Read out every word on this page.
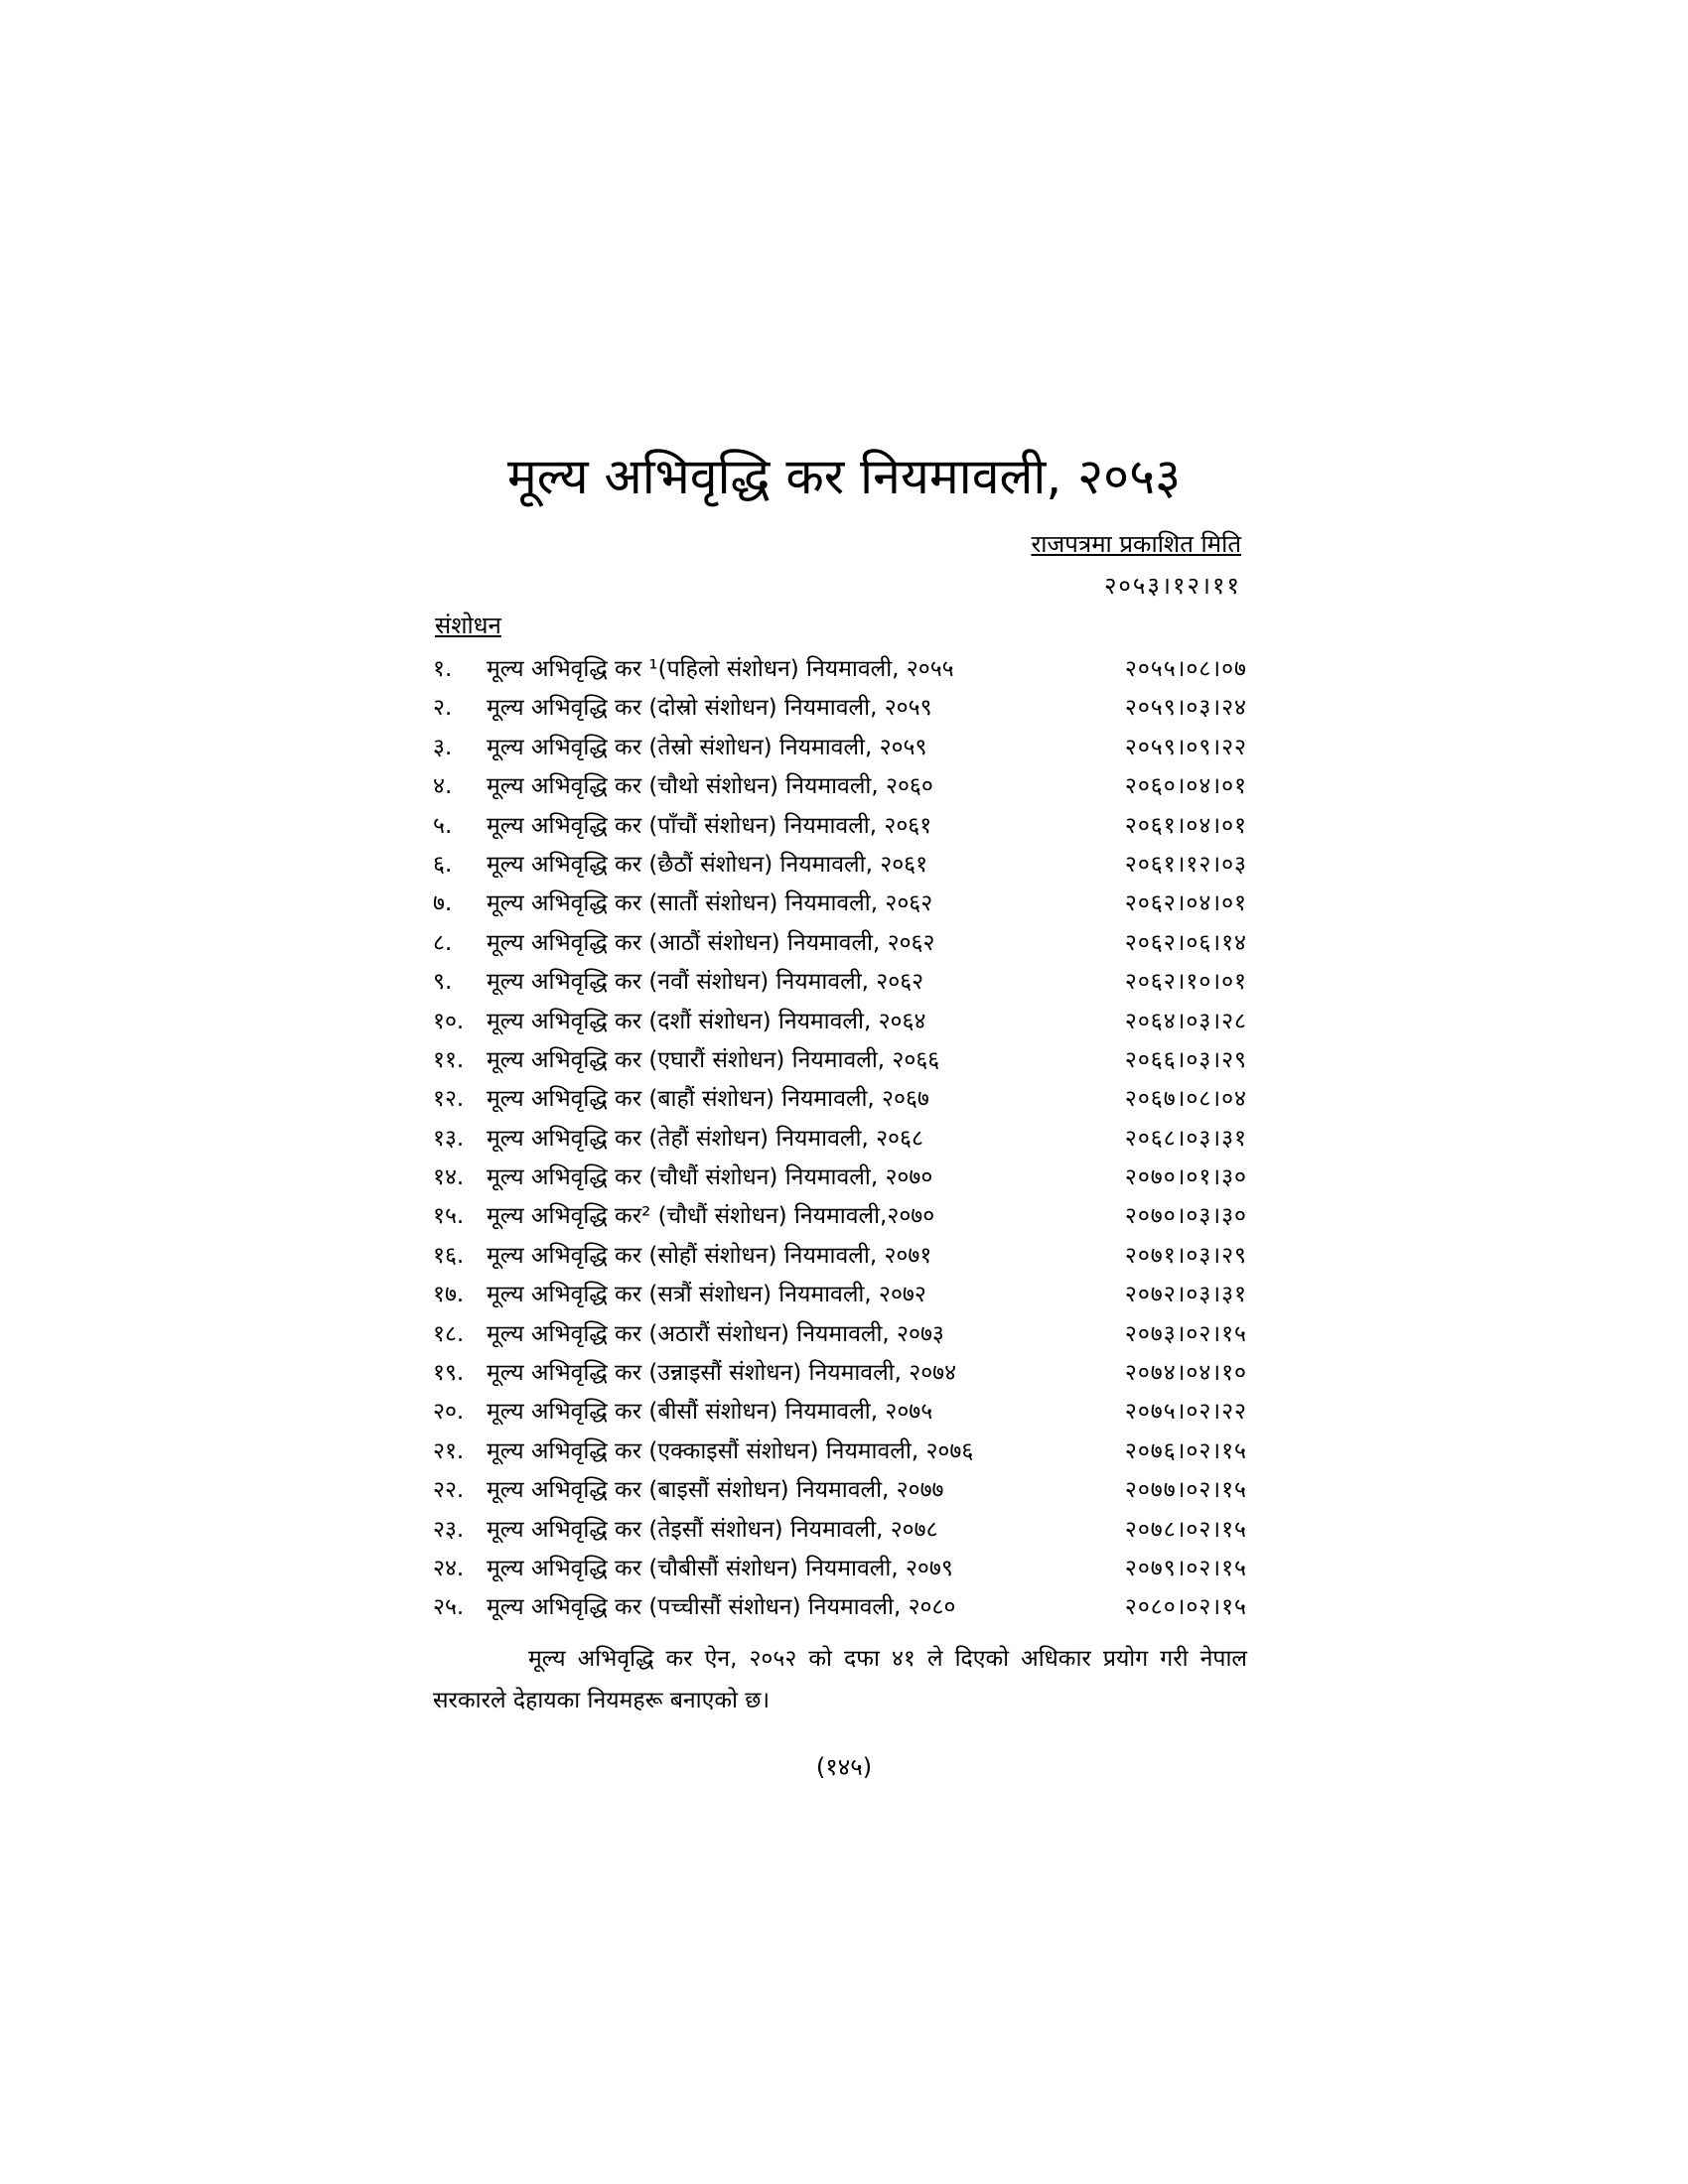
मूल्य अभिवृद्धि कर नियमावली, २०५३
राजपत्रमा प्रकाशित मिति
२०५३।१२।११
संशोधन
१. मूल्य अभिवृद्धि कर ¹(पहिलो संशोधन) नियमावली, २०५५	२०५५।०८।०७
२. मूल्य अभिवृद्धि कर (दोस्रो संशोधन) नियमावली, २०५९	२०५९।०३।२४
३. मूल्य अभिवृद्धि कर (तेस्रो संशोधन) नियमावली, २०५९	२०५९।०९।२२
४. मूल्य अभिवृद्धि कर (चौथो संशोधन) नियमावली, २०६०	२०६०।०४।०१
५. मूल्य अभिवृद्धि कर (पाँचौं संशोधन) नियमावली, २०६१	२०६१।०४।०१
६. मूल्य अभिवृद्धि कर (छैठौं संशोधन) नियमावली, २०६१	२०६१।१२।०३
७. मूल्य अभिवृद्धि कर (सातौं संशोधन) नियमावली, २०६२	२०६२।०४।०१
८. मूल्य अभिवृद्धि कर (आठौं संशोधन) नियमावली, २०६२	२०६२।०६।१४
९. मूल्य अभिवृद्धि कर (नवौं संशोधन) नियमावली, २०६२	२०६२।१०।०१
१०. मूल्य अभिवृद्धि कर (दशौं संशोधन) नियमावली, २०६४	२०६४।०३।२८
११. मूल्य अभिवृद्धि कर (एघारौं संशोधन) नियमावली, २०६६	२०६६।०३।२९
१२. मूल्य अभिवृद्धि कर (बाहौं संशोधन) नियमावली, २०६७	२०६७।०८।०४
१३. मूल्य अभिवृद्धि कर (तेहौं संशोधन) नियमावली, २०६८	२०६८।०३।३१
१४. मूल्य अभिवृद्धि कर (चौधौं संशोधन) नियमावली, २०७०	२०७०।०१।३०
१५. मूल्य अभिवृद्धि कर² (चौधौं संशोधन) नियमावली,२०७०	२०७०।०३।३०
१६. मूल्य अभिवृद्धि कर (सोहौं संशोधन) नियमावली, २०७१	२०७१।०३।२९
१७. मूल्य अभिवृद्धि कर (सत्रौं संशोधन) नियमावली, २०७२	२०७२।०३।३१
१८. मूल्य अभिवृद्धि कर (अठारौं संशोधन) नियमावली, २०७३	२०७३।०२।१५
१९. मूल्य अभिवृद्धि कर (उन्नाइसौं संशोधन) नियमावली, २०७४	२०७४।०४।१०
२०. मूल्य अभिवृद्धि कर (बीसौं संशोधन) नियमावली, २०७५	२०७५।०२।२२
२१. मूल्य अभिवृद्धि कर (एक्काइसौं संशोधन) नियमावली, २०७६	२०७६।०२।१५
२२. मूल्य अभिवृद्धि कर (बाइसौं संशोधन) नियमावली, २०७७	२०७७।०२।१५
२३. मूल्य अभिवृद्धि कर (तेइसौं संशोधन) नियमावली, २०७८	२०७८।०२।१५
२४. मूल्य अभिवृद्धि कर (चौबीसौं संशोधन) नियमावली, २०७९	२०७९।०२।१५
२५. मूल्य अभिवृद्धि कर (पच्चीसौं संशोधन) नियमावली, २०८०	२०८०।०२।१५

मूल्य अभिवृद्धि कर ऐन, २०५२ को दफा ४१ ले दिएको अधिकार प्रयोग गरी नेपाल सरकारले देहायका नियमहरू बनाएको छ।

(१४५)
